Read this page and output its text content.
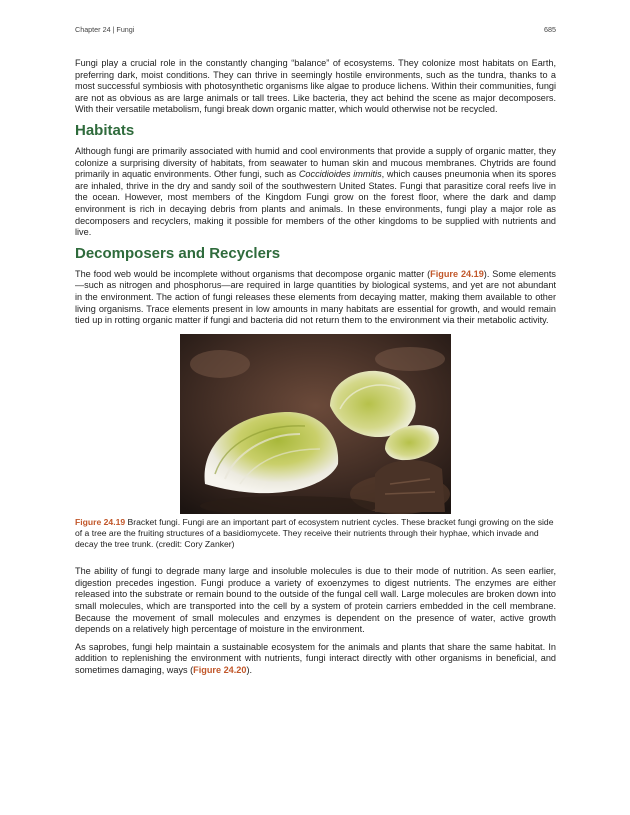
Chapter 24 | Fungi	685

Fungi play a crucial role in the constantly changing “balance” of ecosystems. They colonize most habitats on Earth, preferring dark, moist conditions. They can thrive in seemingly hostile environments, such as the tundra, thanks to a most successful symbiosis with photosynthetic organisms like algae to produce lichens. Within their communities, fungi are not as obvious as are large animals or tall trees. Like bacteria, they act behind the scene as major decomposers. With their versatile metabolism, fungi break down organic matter, which would otherwise not be recycled.

Habitats

Although fungi are primarily associated with humid and cool environments that provide a supply of organic matter, they colonize a surprising diversity of habitats, from seawater to human skin and mucous membranes. Chytrids are found primarily in aquatic environments. Other fungi, such as Coccidioides immitis, which causes pneumonia when its spores are inhaled, thrive in the dry and sandy soil of the southwestern United States. Fungi that parasitize coral reefs live in the ocean. However, most members of the Kingdom Fungi grow on the forest floor, where the dark and damp environment is rich in decaying debris from plants and animals. In these environments, fungi play a major role as decomposers and recyclers, making it possible for members of the other kingdoms to be supplied with nutrients and live.

Decomposers and Recyclers

The food web would be incomplete without organisms that decompose organic matter (Figure 24.19). Some elements—such as nitrogen and phosphorus—are required in large quantities by biological systems, and yet are not abundant in the environment. The action of fungi releases these elements from decaying matter, making them available to other living organisms. Trace elements present in low amounts in many habitats are essential for growth, and would remain tied up in rotting organic matter if fungi and bacteria did not return them to the environment via their metabolic activity.

Figure 24.19 Bracket fungi. Fungi are an important part of ecosystem nutrient cycles. These bracket fungi growing on the side of a tree are the fruiting structures of a basidiomycete. They receive their nutrients through their hyphae, which invade and decay the tree trunk. (credit: Cory Zanker)

The ability of fungi to degrade many large and insoluble molecules is due to their mode of nutrition. As seen earlier, digestion precedes ingestion. Fungi produce a variety of exoenzymes to digest nutrients. The enzymes are either released into the substrate or remain bound to the outside of the fungal cell wall. Large molecules are broken down into small molecules, which are transported into the cell by a system of protein carriers embedded in the cell membrane. Because the movement of small molecules and enzymes is dependent on the presence of water, active growth depends on a relatively high percentage of moisture in the environment.

As saprobes, fungi help maintain a sustainable ecosystem for the animals and plants that share the same habitat. In addition to replenishing the environment with nutrients, fungi interact directly with other organisms in beneficial, and sometimes damaging, ways (Figure 24.20).
